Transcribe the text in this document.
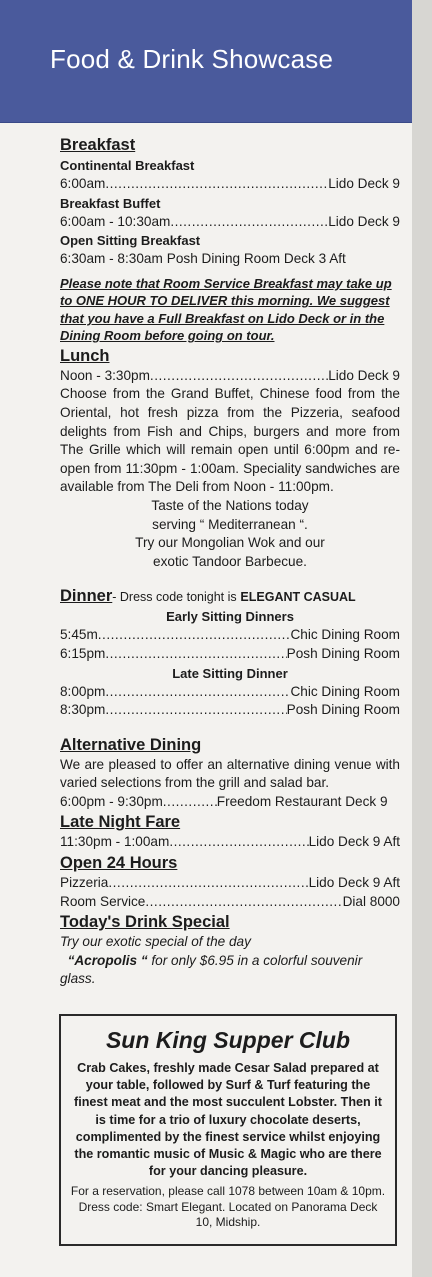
Food & Drink Showcase
Breakfast
Continental Breakfast
6:00am .....	Lido Deck 9
Breakfast Buffet
6:00am - 10:30am .....	Lido Deck 9
Open Sitting Breakfast
6:30am - 8:30am Posh Dining Room Deck 3 Aft
Please note that Room Service Breakfast may take up to ONE HOUR TO DELIVER this morning. We suggest that you have a Full Breakfast on Lido Deck or in the Dining Room before going on tour.
Lunch
Noon - 3:30pm .....	Lido Deck 9
Choose from the Grand Buffet, Chinese food from the Oriental, hot fresh pizza from the Pizzeria, seafood delights from Fish and Chips, burgers and more from The Grille which will remain open until 6:00pm and re-open from 11:30pm - 1:00am. Speciality sandwiches are available from The Deli from Noon - 11:00pm.
Taste of the Nations today
serving “ Mediterranean “.
Try our Mongolian Wok and our
exotic Tandoor Barbecue.
Dinner- Dress code tonight is ELEGANT CASUAL
Early Sitting Dinners
5:45m .....	Chic Dining Room
6:15pm .....	Posh Dining Room
Late Sitting Dinner
8:00pm .....	Chic Dining Room
8:30pm .....	Posh Dining Room
Alternative Dining
We are pleased to offer an alternative dining venue with varied selections from the grill and salad bar.
6:00pm - 9:30pm .....	Freedom Restaurant Deck 9
Late Night Fare
11:30pm - 1:00am .....	Lido Deck 9 Aft
Open 24 Hours
Pizzeria .....	Lido Deck 9 Aft
Room Service .....	Dial 8000
Today's Drink Special
Try our exotic special of the day
“Acropolis “ for only $6.95 in a colorful souvenir glass.
Sun King Supper Club
Crab Cakes, freshly made Cesar Salad prepared at your table, followed by Surf & Turf featuring the finest meat and the most succulent Lobster. Then it is time for a trio of luxury chocolate deserts, complimented by the finest service whilst enjoying the romantic music of Music & Magic who are there for your dancing pleasure.
For a reservation, please call 1078 between 10am & 10pm. Dress code: Smart Elegant. Located on Panorama Deck 10, Midship.
